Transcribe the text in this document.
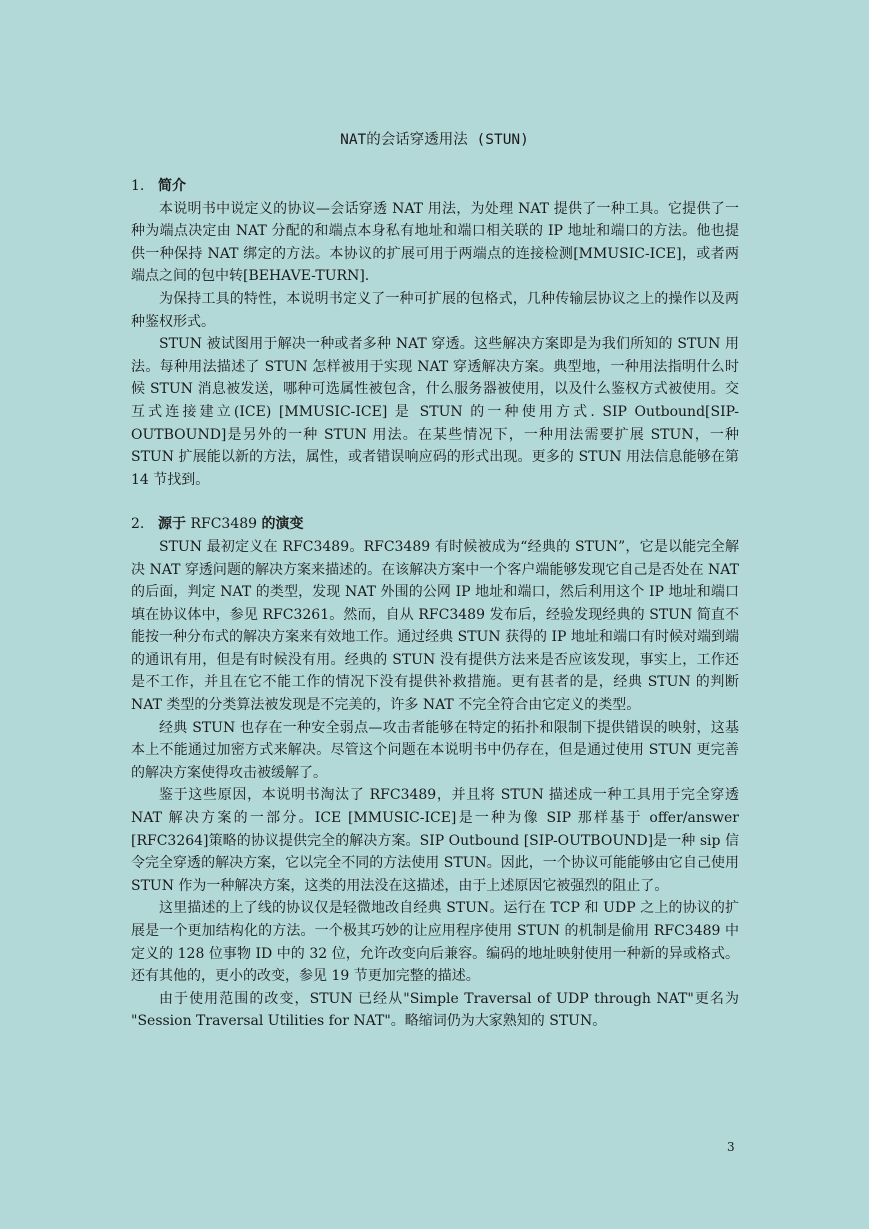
NAT的会话穿透用法 (STUN)

1. 简介

本说明书中说定义的协议—会话穿透 NAT 用法，为处理 NAT 提供了一种工具。它提供了一种为端点决定由 NAT 分配的和端点本身私有地址和端口相关联的 IP 地址和端口的方法。他也提供一种保持 NAT 绑定的方法。本协议的扩展可用于两端点的连接检测[MMUSIC-ICE]，或者两端点之间的包中转[BEHAVE-TURN].

为保持工具的特性，本说明书定义了一种可扩展的包格式，几种传输层协议之上的操作以及两种鉴权形式。

STUN 被试图用于解决一种或者多种 NAT 穿透。这些解决方案即是为我们所知的 STUN 用法。每种用法描述了 STUN 怎样被用于实现 NAT 穿透解决方案。典型地，一种用法指明什么时候 STUN 消息被发送，哪种可选属性被包含，什么服务器被使用，以及什么鉴权方式被使用。交互式连接建立(ICE) [MMUSIC-ICE] 是 STUN 的一种使用方式. SIP Outbound[SIP-OUTBOUND]是另外的一种 STUN 用法。在某些情况下，一种用法需要扩展 STUN，一种 STUN 扩展能以新的方法，属性，或者错误响应码的形式出现。更多的 STUN 用法信息能够在第 14 节找到。

2. 源于 RFC3489 的演变

STUN 最初定义在 RFC3489。RFC3489 有时候被成为“经典的 STUN”，它是以能完全解决 NAT 穿透问题的解决方案来描述的。在该解决方案中一个客户端能够发现它自己是否处在 NAT 的后面，判定 NAT 的类型，发现 NAT 外围的公网 IP 地址和端口，然后利用这个 IP 地址和端口填在协议体中，参见 RFC3261。然而，自从 RFC3489 发布后，经验发现经典的 STUN 简直不能按一种分布式的解决方案来有效地工作。通过经典 STUN 获得的 IP 地址和端口有时候对端到端的通讯有用，但是有时候没有用。经典的 STUN 没有提供方法来是否应该发现，事实上，工作还是不工作，并且在它不能工作的情况下没有提供补救措施。更有甚者的是，经典 STUN 的判断 NAT 类型的分类算法被发现是不完美的，许多 NAT 不完全符合由它定义的类型。

经典 STUN 也存在一种安全弱点—攻击者能够在特定的拓扑和限制下提供错误的映射，这基本上不能通过加密方式来解决。尽管这个问题在本说明书中仍存在，但是通过使用 STUN 更完善的解决方案使得攻击被缓解了。

鉴于这些原因，本说明书淘汰了 RFC3489，并且将 STUN 描述成一种工具用于完全穿透 NAT 解决方案的一部分。ICE [MMUSIC-ICE]是一种为像 SIP 那样基于 offer/answer [RFC3264]策略的协议提供完全的解决方案。SIP Outbound [SIP-OUTBOUND]是一种 sip 信令完全穿透的解决方案，它以完全不同的方法使用 STUN。因此，一个协议可能能够由它自己使用 STUN 作为一种解决方案，这类的用法没在这描述，由于上述原因它被强烈的阻止了。

这里描述的上了线的协议仅是轻微地改自经典 STUN。运行在 TCP 和 UDP 之上的协议的扩展是一个更加结构化的方法。一个极其巧妙的让应用程序使用 STUN 的机制是偷用 RFC3489 中定义的 128 位事物 ID 中的 32 位，允许改变向后兼容。编码的地址映射使用一种新的异或格式。还有其他的，更小的改变，参见 19 节更加完整的描述。

由于使用范围的改变，STUN 已经从"Simple Traversal of UDP through NAT"更名为 "Session Traversal Utilities for NAT"。略缩词仍为大家熟知的 STUN。

3
